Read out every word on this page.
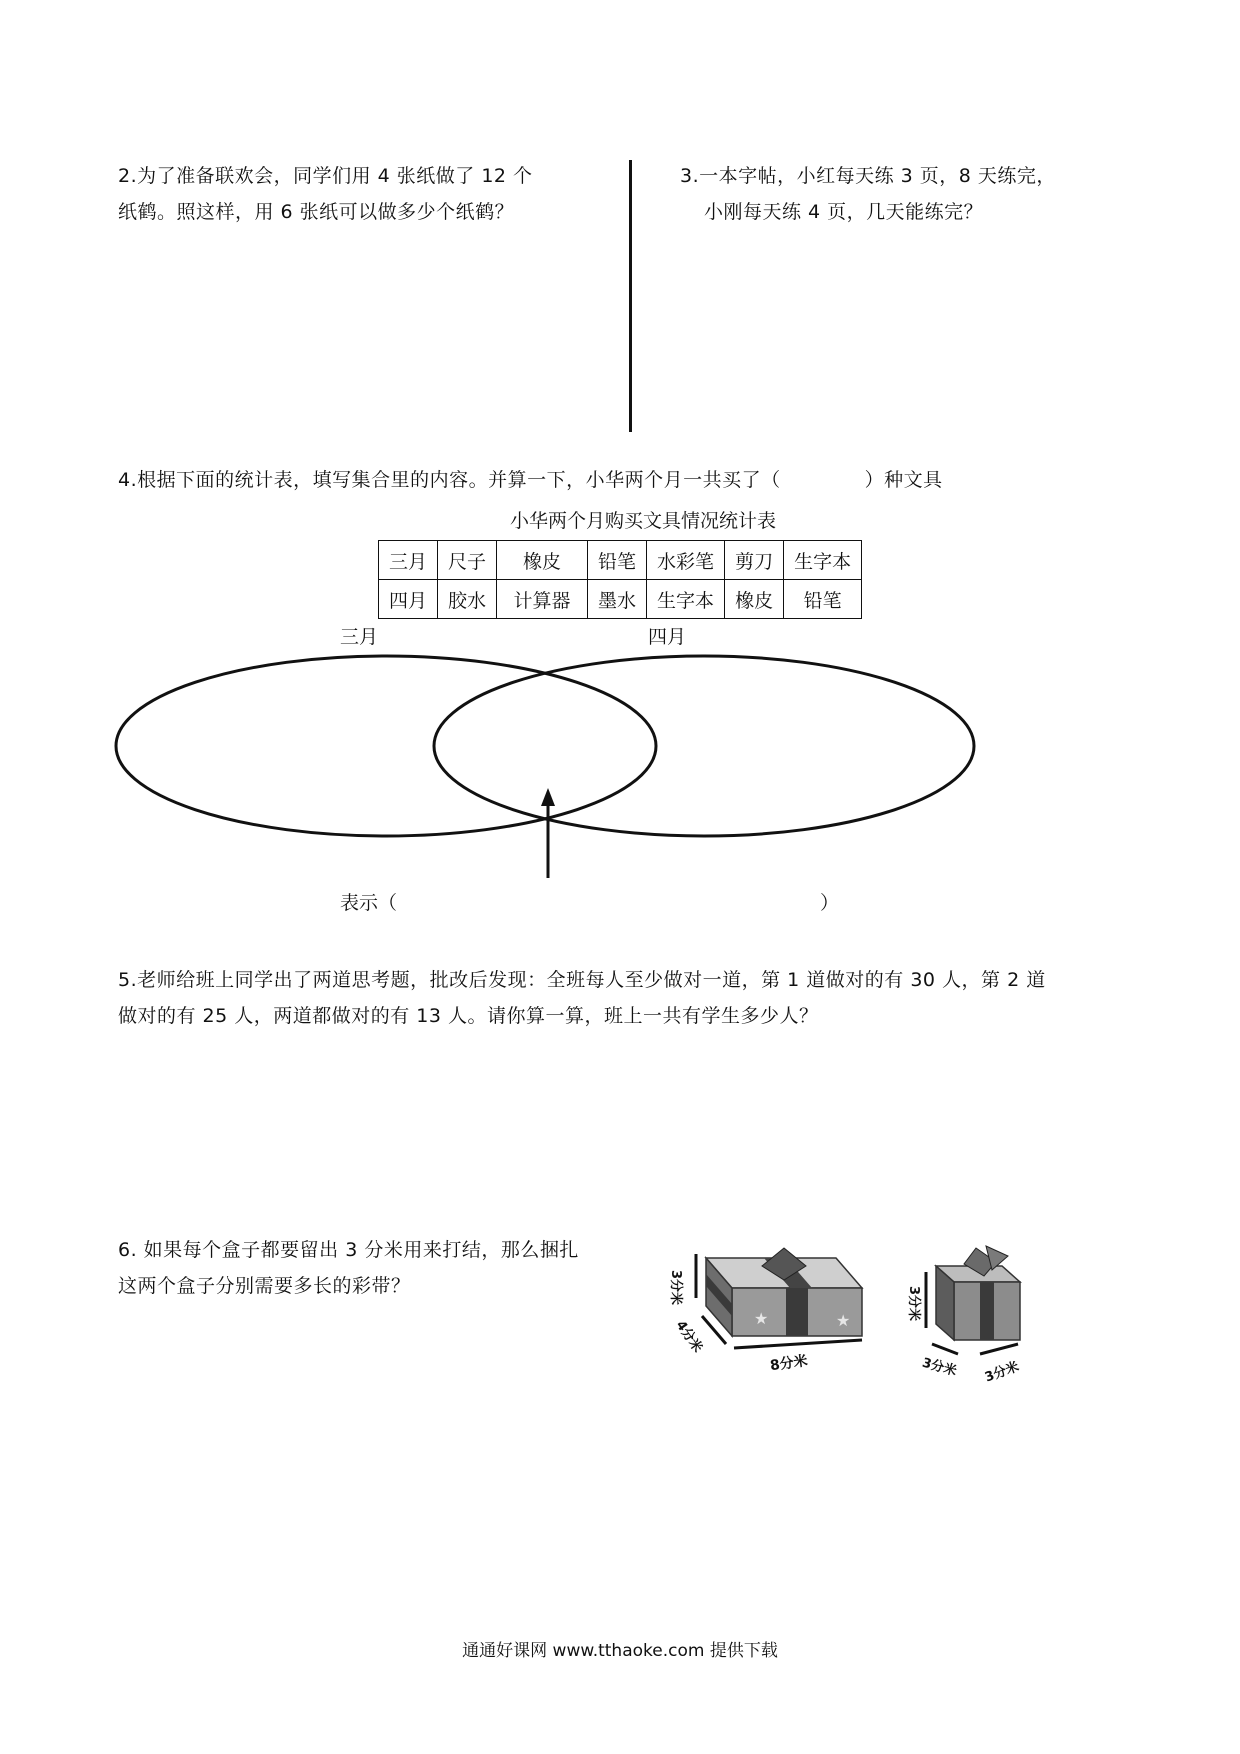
2.为了准备联欢会，同学们用 4 张纸做了 12 个
纸鹤。照这样，用 6 张纸可以做多少个纸鹤？
3.一本字帖，小红每天练 3 页，8 天练完，
小刚每天练 4 页，几天能练完？
4.根据下面的统计表，填写集合里的内容。并算一下，小华两个月一共买了（	）种文具
小华两个月购买文具情况统计表
三月	尺子	橡皮	铅笔	水彩笔	剪刀	生字本
四月	胶水	计算器	墨水	生字本	橡皮	铅笔
三月	四月
表示（	）
5.老师给班上同学出了两道思考题，批改后发现：全班每人至少做对一道，第 1 道做对的有 30 人，第 2 道
做对的有 25 人，两道都做对的有 13 人。请你算一算，班上一共有学生多少人？
6. 如果每个盒子都要留出 3 分米用来打结，那么捆扎
这两个盒子分别需要多长的彩带？
★	★
3分米
4分米
8分米
3分米
3分米 3分米
通通好课网 www.tthaoke.com 提供下载
